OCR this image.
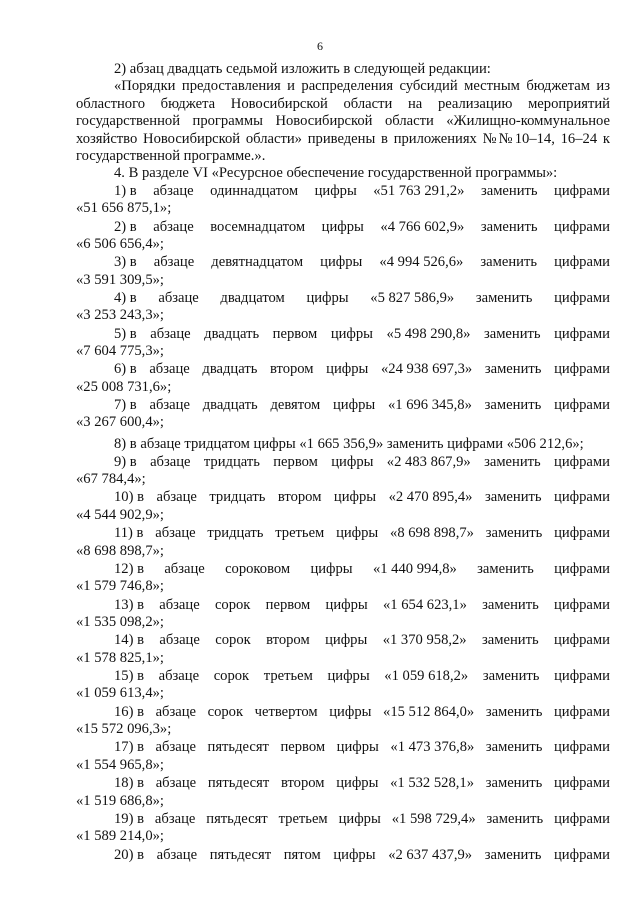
6

2) абзац двадцать седьмой изложить в следующей редакции:

«Порядки предоставления и распределения субсидий местным бюджетам из областного бюджета Новосибирской области на реализацию мероприятий государственной программы Новосибирской области «Жилищно-коммунальное хозяйство Новосибирской области» приведены в приложениях №№10–14, 16–24 к государственной программе.».

4. В разделе VI «Ресурсное обеспечение государственной программы»:

1) в абзаце одиннадцатом цифры «51 763 291,2» заменить цифрами
«51 656 875,1»;
2) в абзаце восемнадцатом цифры «4 766 602,9» заменить цифрами
«6 506 656,4»;
3) в абзаце девятнадцатом цифры «4 994 526,6» заменить цифрами
«3 591 309,5»;
4) в абзаце двадцатом цифры «5 827 586,9» заменить цифрами
«3 253 243,3»;
5) в абзаце двадцать первом цифры «5 498 290,8» заменить цифрами
«7 604 775,3»;
6) в абзаце двадцать втором цифры «24 938 697,3» заменить цифрами
«25 008 731,6»;
7) в абзаце двадцать девятом цифры «1 696 345,8» заменить цифрами
«3 267 600,4»;
8) в абзаце тридцатом цифры «1 665 356,9» заменить цифрами «506 212,6»;
9) в абзаце тридцать первом цифры «2 483 867,9» заменить цифрами
«67 784,4»;
10) в абзаце тридцать втором цифры «2 470 895,4» заменить цифрами
«4 544 902,9»;
11) в абзаце тридцать третьем цифры «8 698 898,7» заменить цифрами
«8 698 898,7»;
12) в абзаце сороковом цифры «1 440 994,8» заменить цифрами
«1 579 746,8»;
13) в абзаце сорок первом цифры «1 654 623,1» заменить цифрами
«1 535 098,2»;
14) в абзаце сорок втором цифры «1 370 958,2» заменить цифрами
«1 578 825,1»;
15) в абзаце сорок третьем цифры «1 059 618,2» заменить цифрами
«1 059 613,4»;
16) в абзаце сорок четвертом цифры «15 512 864,0» заменить цифрами
«15 572 096,3»;
17) в абзаце пятьдесят первом цифры «1 473 376,8» заменить цифрами
«1 554 965,8»;
18) в абзаце пятьдесят втором цифры «1 532 528,1» заменить цифрами
«1 519 686,8»;
19) в абзаце пятьдесят третьем цифры «1 598 729,4» заменить цифрами
«1 589 214,0»;
20) в абзаце пятьдесят пятом цифры «2 637 437,9» заменить цифрами
